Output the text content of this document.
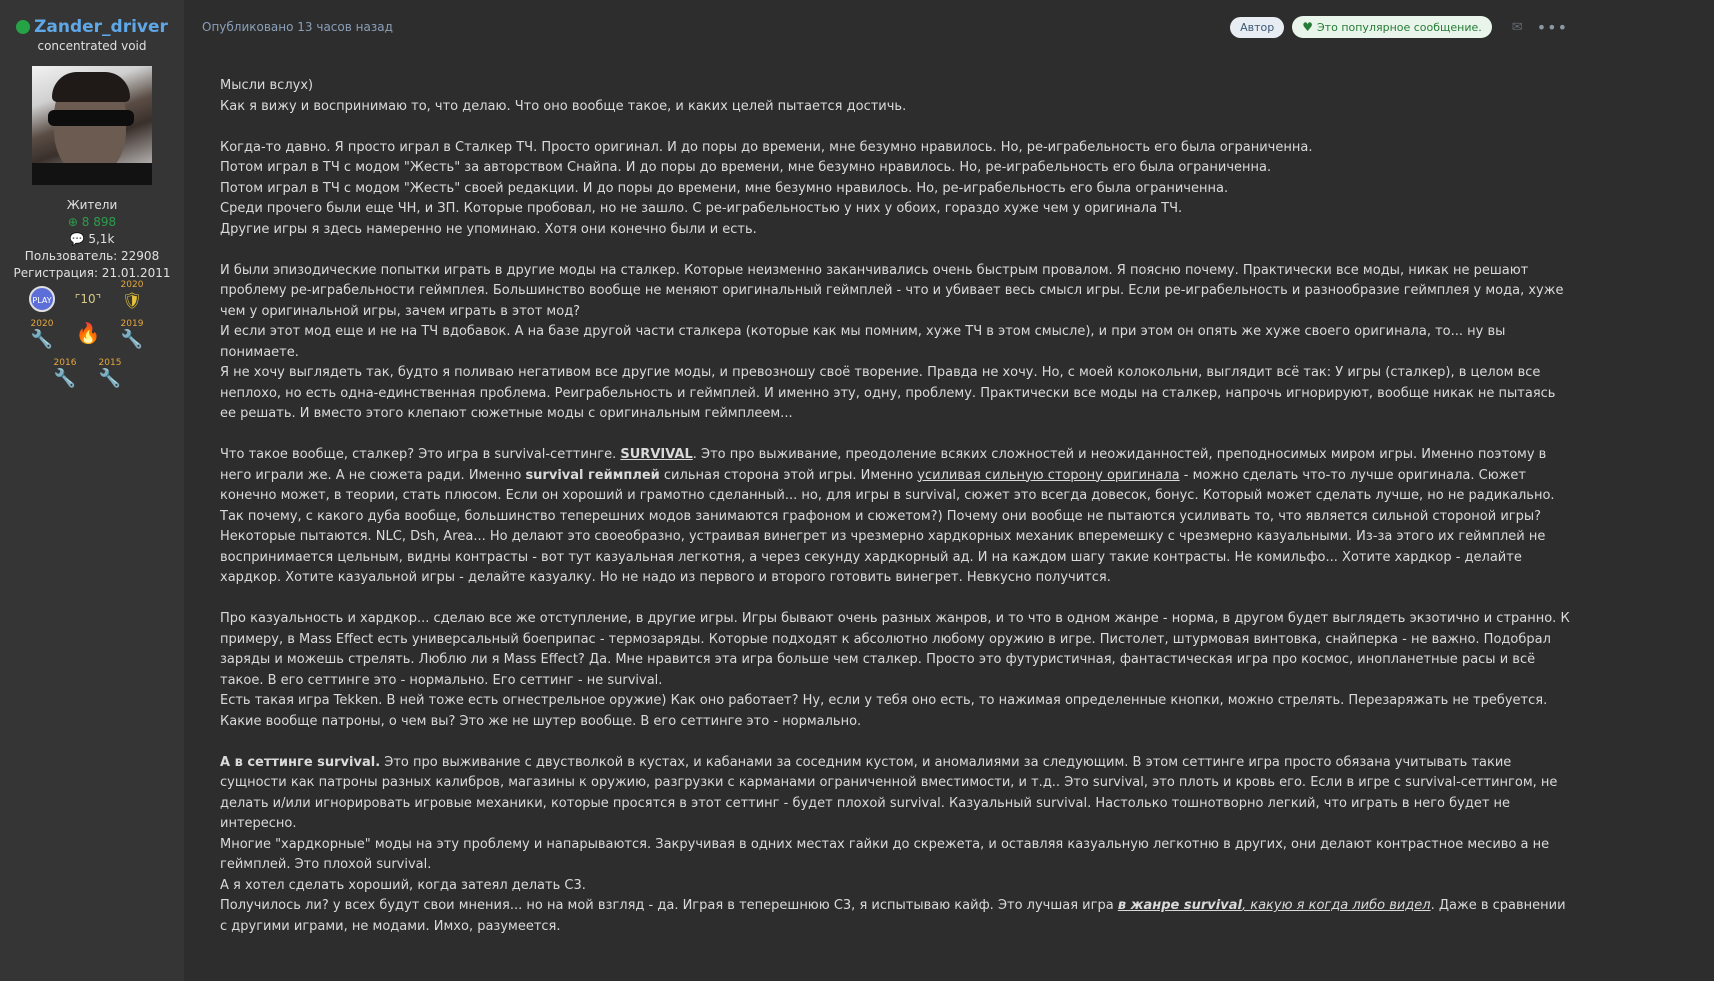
Zander_driver
concentrated void
Жители
⊕ 8 898
💬 5,1k
Пользователь: 22908
Регистрация: 21.01.2011
PLAY ⌜10⌝
2020
🛡
2020
🔧 🔥	2019
🔧
2016
🔧
2015
🔧
Опубликовано 13 часов назад	Автор	♥ Это популярное сообщение. ✉ •••

Мысли вслух)

Как я вижу и воспринимаю то, что делаю. Что оно вообще такое, и каких целей пытается достичь.

Когда-то давно. Я просто играл в Сталкер ТЧ. Просто оригинал. И до поры до времени, мне безумно нравилось. Но, ре-играбельность его была ограниченна.

Потом играл в ТЧ с модом "Жесть" за авторством Снайпа. И до поры до времени, мне безумно нравилось. Но, ре-играбельность его была ограниченна.

Потом играл в ТЧ с модом "Жесть" своей редакции. И до поры до времени, мне безумно нравилось. Но, ре-играбельность его была ограниченна.

Среди прочего были еще ЧН, и ЗП. Которые пробовал, но не зашло. С ре-играбельностью у них у обоих, гораздо хуже чем у оригинала ТЧ.

Другие игры я здесь намеренно не упоминаю. Хотя они конечно были и есть.

И были эпизодические попытки играть в другие моды на сталкер. Которые неизменно заканчивались очень быстрым провалом. Я поясню почему. Практически все моды, никак не решают проблему ре-играбельности геймплея. Большинство вообще не меняют оригинальный геймплей - что и убивает весь смысл игры. Если ре-играбельность и разнообразие геймплея у мода, хуже чем у оригинальной игры, зачем играть в этот мод?

И если этот мод еще и не на ТЧ вдобавок. А на базе другой части сталкера (которые как мы помним, хуже ТЧ в этом смысле), и при этом он опять же хуже своего оригинала, то... ну вы понимаете.

Я не хочу выглядеть так, будто я поливаю негативом все другие моды, и превозношу своё творение. Правда не хочу. Но, с моей колокольни, выглядит всё так: У игры (сталкер), в целом все неплохо, но есть одна-единственная проблема. Реиграбельность и геймплей. И именно эту, одну, проблему. Практически все моды на сталкер, напрочь игнорируют, вообще никак не пытаясь ее решать. И вместо этого клепают сюжетные моды с оригинальным геймплеем...

Что такое вообще, сталкер? Это игра в survival-сеттинге. SURVIVAL. Это про выживание, преодоление всяких сложностей и неожиданностей, преподносимых миром игры. Именно поэтому в него играли же. А не сюжета ради. Именно survival геймплей сильная сторона этой игры. Именно усиливая сильную сторону оригинала - можно сделать что-то лучше оригинала. Сюжет конечно может, в теории, стать плюсом. Если он хороший и грамотно сделанный... но, для игры в survival, сюжет это всегда довесок, бонус. Который может сделать лучше, но не радикально.

Так почему, с какого дуба вообще, большинство теперешних модов занимаются графоном и сюжетом?) Почему они вообще не пытаются усиливать то, что является сильной стороной игры?

Некоторые пытаются. NLC, Dsh, Area... Но делают это своеобразно, устраивая винегрет из чрезмерно хардкорных механик вперемешку с чрезмерно казуальными. Из-за этого их геймплей не воспринимается цельным, видны контрасты - вот тут казуальная легкотня, а через секунду хардкорный ад. И на каждом шагу такие контрасты. Не комильфо... Хотите хардкор - делайте хардкор. Хотите казуальной игры - делайте казуалку. Но не надо из первого и второго готовить винегрет. Невкусно получится.

Про казуальность и хардкор... сделаю все же отступление, в другие игры. Игры бывают очень разных жанров, и то что в одном жанре - норма, в другом будет выглядеть экзотично и странно. К примеру, в Mass Effect есть универсальный боеприпас - термозаряды. Которые подходят к абсолютно любому оружию в игре. Пистолет, штурмовая винтовка, снайперка - не важно. Подобрал заряды и можешь стрелять. Люблю ли я Mass Effect? Да. Мне нравится эта игра больше чем сталкер. Просто это футуристичная, фантастическая игра про космос, инопланетные расы и всё такое. В его сеттинге это - нормально. Его сеттинг - не survival.

Есть такая игра Tekken. В ней тоже есть огнестрельное оружие) Как оно работает? Ну, если у тебя оно есть, то нажимая определенные кнопки, можно стрелять. Перезаряжать не требуется. Какие вообще патроны, о чем вы? Это же не шутер вообще. В его сеттинге это - нормально.

А в сеттинге survival. Это про выживание с двустволкой в кустах, и кабанами за соседним кустом, и аномалиями за следующим. В этом сеттинге игра просто обязана учитывать такие сущности как патроны разных калибров, магазины к оружию, разгрузки с карманами ограниченной вместимости, и т.д.. Это survival, это плоть и кровь его. Если в игре с survival-сеттингом, не делать и/или игнорировать игровые механики, которые просятся в этот сеттинг - будет плохой survival. Казуальный survival. Настолько тошнотворно легкий, что играть в него будет не интересно.

Многие "хардкорные" моды на эту проблему и напарываются. Закручивая в одних местах гайки до скрежета, и оставляя казуальную легкотню в других, они делают контрастное месиво а не геймплей. Это плохой survival.

А я хотел сделать хороший, когда затеял делать С3.

Получилось ли? у всех будут свои мнения... но на мой взгляд - да. Играя в теперешнюю С3, я испытываю кайф. Это лучшая игра в жанре survival, какую я когда либо видел. Даже в сравнении с другими играми, не модами. Имхо, разумеется.
